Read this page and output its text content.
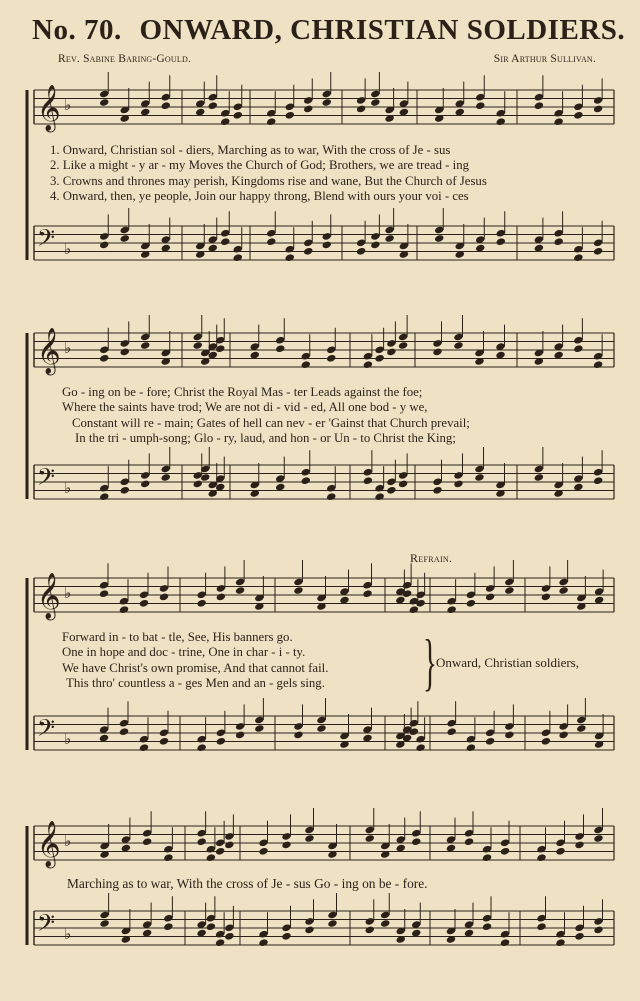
No. 70. ONWARD, CHRISTIAN SOLDIERS.
Rev. Sabine Baring-Gould.	Sir Arthur Sullivan.
𝄞 ♭
𝄢 ♭
𝄞 ♭
𝄢 ♭
𝄞 ♭
𝄢 ♭
𝄞 ♭
𝄢 ♭
1. Onward, Christian sol - diers, Marching as to war, With the cross of Je - sus
2. Like a might - y ar - my Moves the Church of God; Brothers, we are tread - ing
3. Crowns and thrones may perish, Kingdoms rise and wane, But the Church of Jesus
4. Onward, then, ye people, Join our happy throng, Blend with ours your voi - ces
Go - ing on be - fore; Christ the Royal Mas - ter Leads against the foe;
Where the saints have trod; We are not di - vid - ed, All one bod - y we,
Constant will re - main; Gates of hell can nev - er 'Gainst that Church prevail;
In the tri - umph-song; Glo - ry, laud, and hon - or Un - to Christ the King;
Refrain.
Forward in - to bat - tle, See, His banners go.
One in hope and doc - trine, One in char - i - ty.
We have Christ's own promise, And that cannot fail.
This thro' countless a - ges Men and an - gels sing. } Onward, Christian soldiers,
Marching as to war, With the cross of Je - sus Go - ing on be - fore.
